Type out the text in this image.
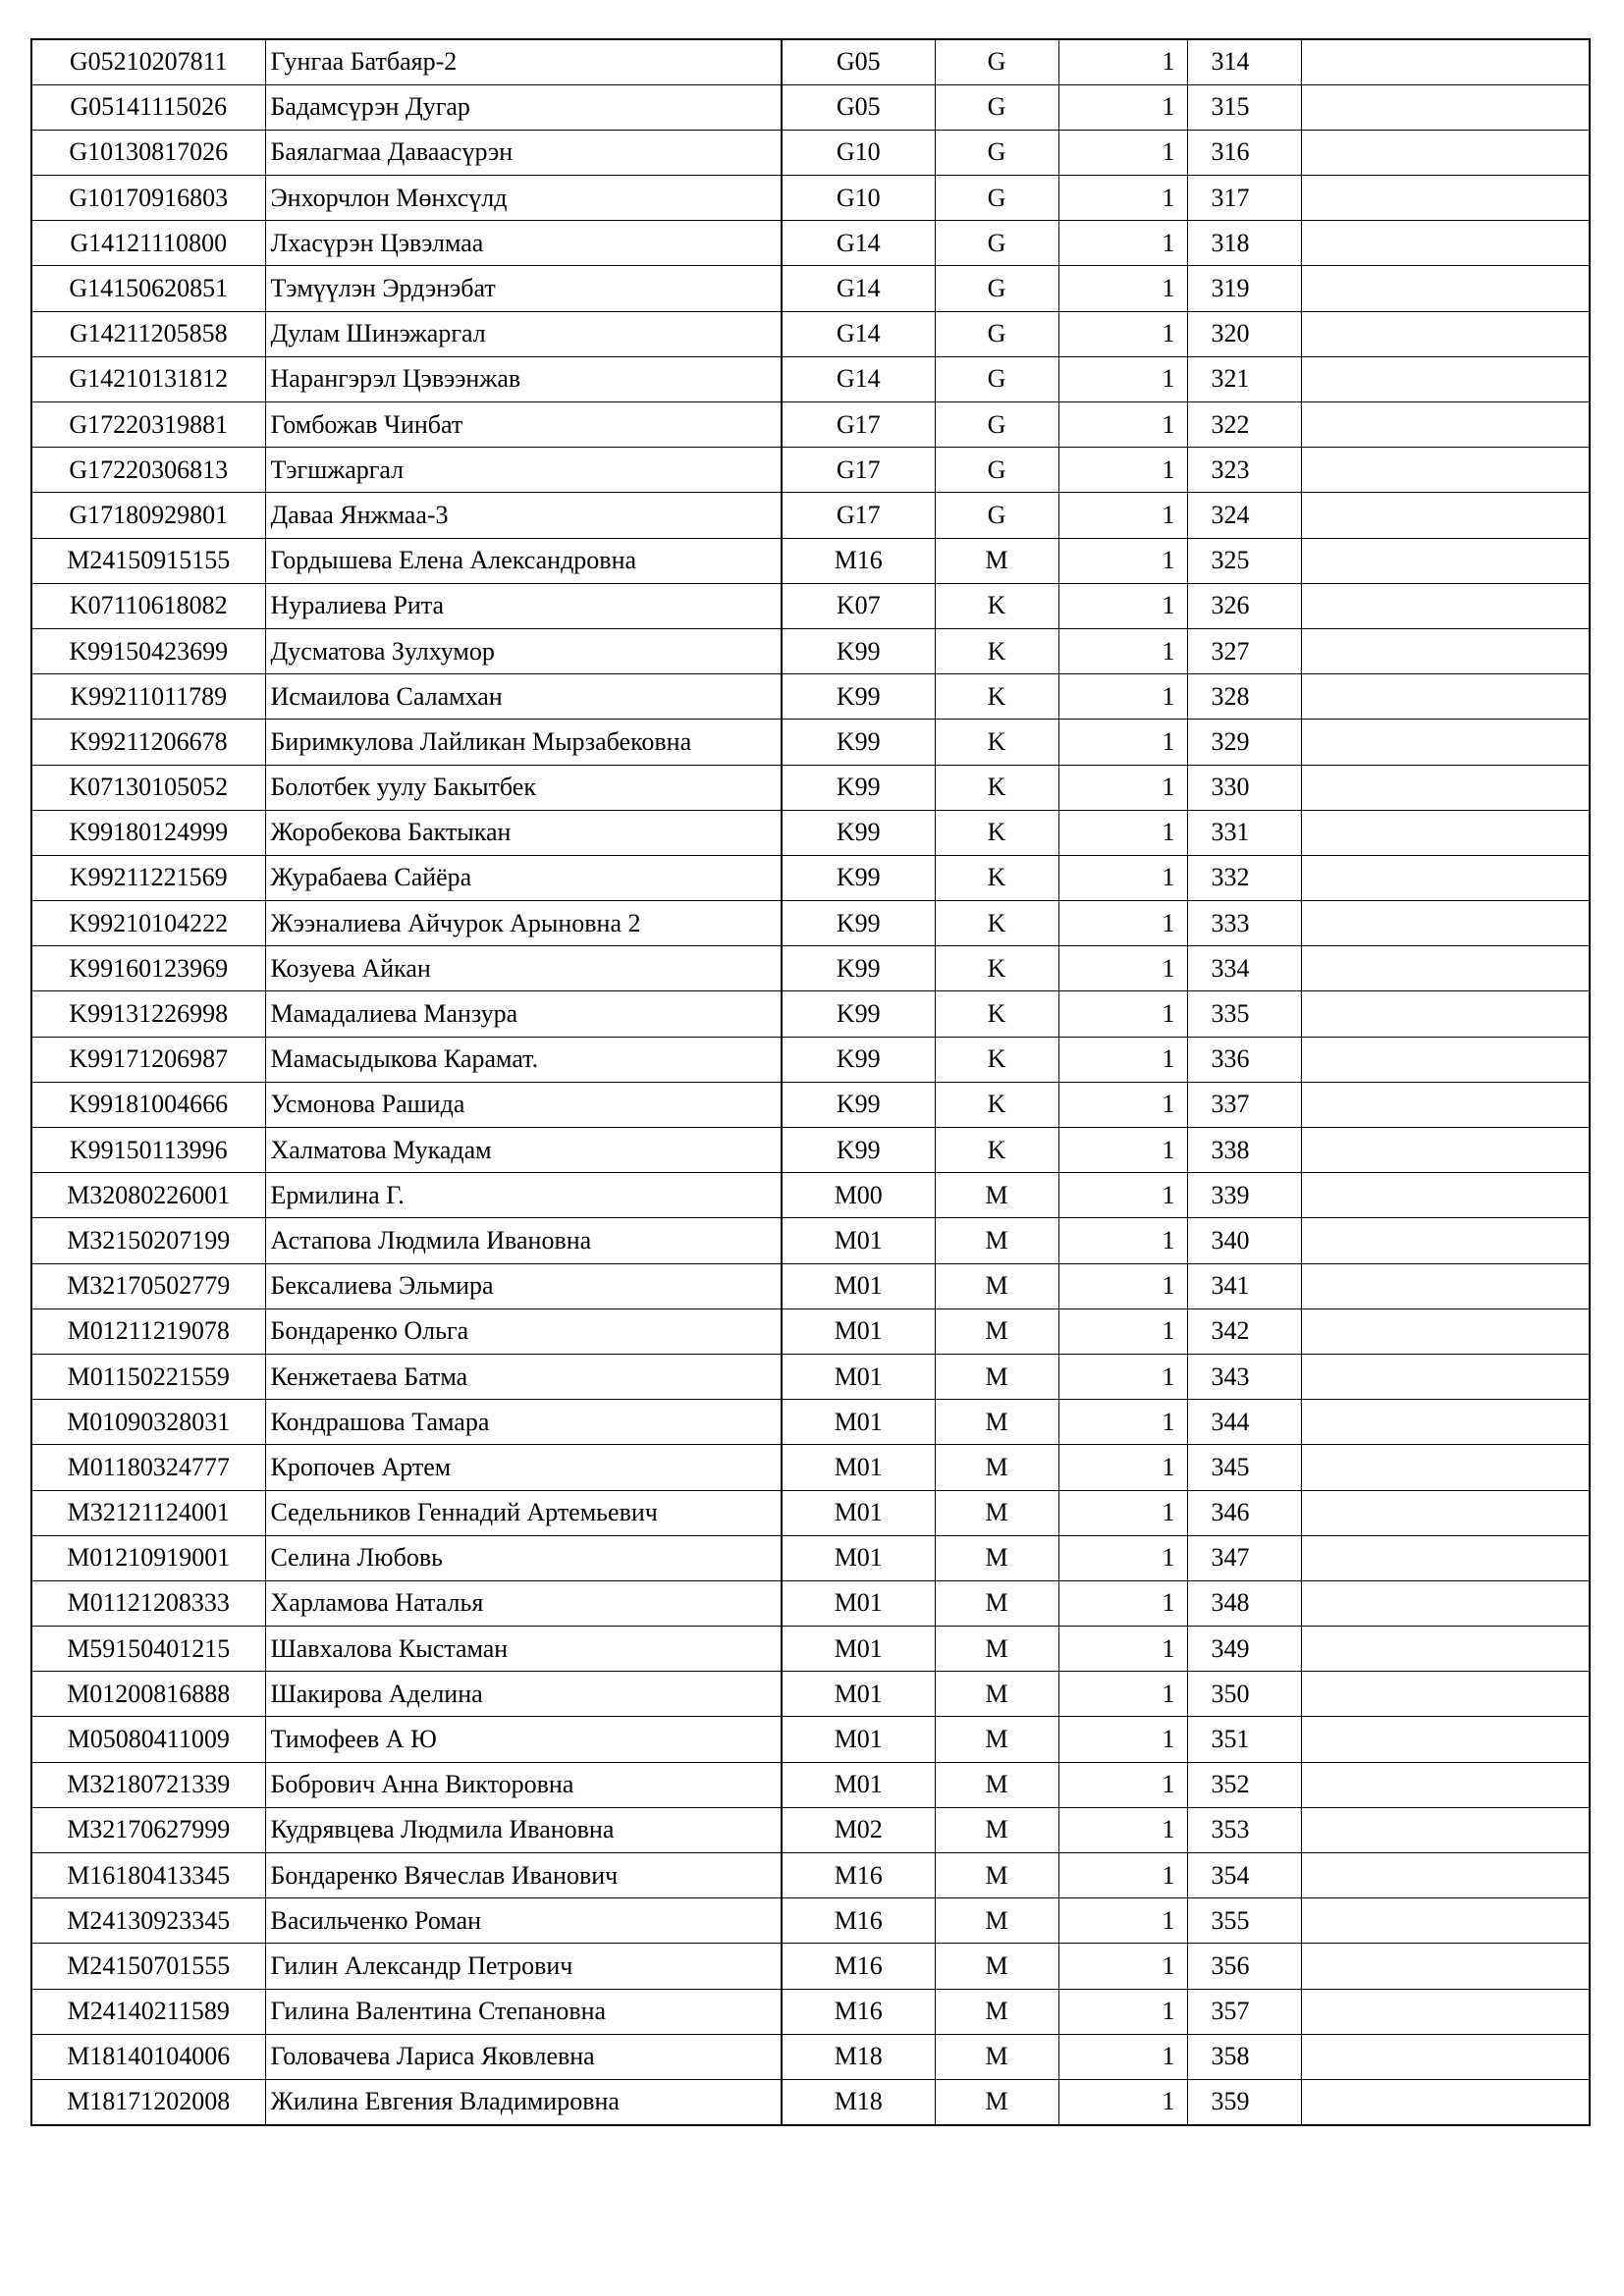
G05210207811	Гунгаа Батбаяр-2	G05	G	1	314	
G05141115026	Бадамсүрэн Дугар	G05	G	1	315	
G10130817026	Баялагмаа Даваасүрэн	G10	G	1	316	
G10170916803	Энхорчлон Мөнхсүлд	G10	G	1	317	
G14121110800	Лхасүрэн Цэвэлмаа	G14	G	1	318	
G14150620851	Тэмүүлэн Эрдэнэбат	G14	G	1	319	
G14211205858	Дулам Шинэжаргал	G14	G	1	320	
G14210131812	Нарангэрэл Цэвээнжав	G14	G	1	321	
G17220319881	Гомбожав Чинбат	G17	G	1	322	
G17220306813	Тэгшжаргал	G17	G	1	323	
G17180929801	Даваа Янжмаа-3	G17	G	1	324	
M24150915155	Гордышева Елена Александровна	M16	M	1	325	
K07110618082	Нуралиева Рита	K07	K	1	326	
K99150423699	Дусматова Зулхумор	K99	K	1	327	
K99211011789	Исмаилова Саламхан	K99	K	1	328	
K99211206678	Биримкулова Лайликан Мырзабековна	K99	K	1	329	
K07130105052	Болотбек уулу Бакытбек	K99	K	1	330	
K99180124999	Жоробекова Бактыкан	K99	K	1	331	
K99211221569	Журабаева Сайёра	K99	K	1	332	
K99210104222	Жээналиева Айчурок Арыновна 2	K99	K	1	333	
K99160123969	Козуева Айкан	K99	K	1	334	
K99131226998	Мамадалиева Манзура	K99	K	1	335	
K99171206987	Мамасыдыкова Карамат.	K99	K	1	336	
K99181004666	Усмонова Рашида	K99	K	1	337	
K99150113996	Халматова Мукадам	K99	K	1	338	
M32080226001	Ермилина Г.	M00	M	1	339	
M32150207199	Астапова Людмила Ивановна	M01	M	1	340	
M32170502779	Бексалиева Эльмира	M01	M	1	341	
M01211219078	Бондаренко Ольга	M01	M	1	342	
M01150221559	Кенжетаева Батма	M01	M	1	343	
M01090328031	Кондрашова Тамара	M01	M	1	344	
M01180324777	Кропочев Артем	M01	M	1	345	
M32121124001	Седельников Геннадий Артемьевич	M01	M	1	346	
M01210919001	Селина Любовь	M01	M	1	347	
M01121208333	Харламова Наталья	M01	M	1	348	
M59150401215	Шавхалова Кыстаман	M01	M	1	349	
M01200816888	Шакирова Аделина	M01	M	1	350	
M05080411009	Тимофеев А Ю	M01	M	1	351	
M32180721339	Бобрович Анна Викторовна	M01	M	1	352	
M32170627999	Кудрявцева Людмила Ивановна	M02	M	1	353	
M16180413345	Бондаренко Вячеслав Иванович	M16	M	1	354	
M24130923345	Васильченко Роман	M16	M	1	355	
M24150701555	Гилин Александр Петрович	M16	M	1	356	
M24140211589	Гилина Валентина Степановна	M16	M	1	357	
M18140104006	Головачева Лариса Яковлевна	M18	M	1	358	
M18171202008	Жилина Евгения Владимировна	M18	M	1	359	
